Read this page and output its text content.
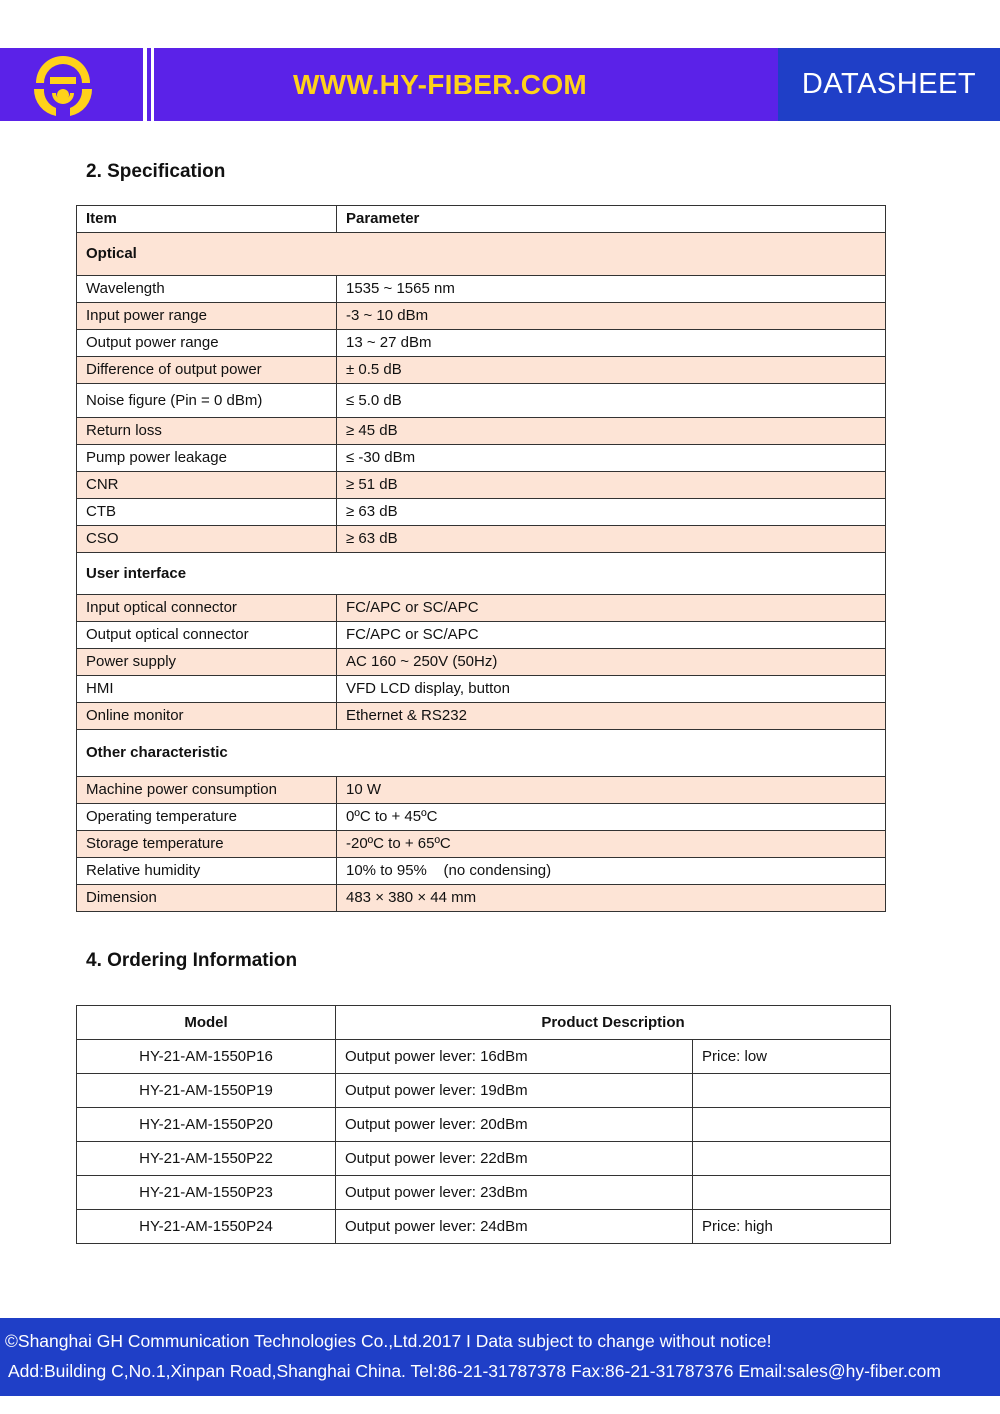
WWW.HY-FIBER.COM	DATASHEET
2. Specification
Item	Parameter
Optical	
Wavelength	1535 ~ 1565 nm
Input power range	-3 ~ 10 dBm
Output power range	13 ~ 27 dBm
Difference of output power	± 0.5 dB
Noise figure (Pin = 0 dBm)	≤ 5.0 dB
Return loss	≥ 45 dB
Pump power leakage	≤ -30 dBm
CNR	≥ 51 dB
CTB	≥ 63 dB
CSO	≥ 63 dB
User interface	
Input optical connector	FC/APC or SC/APC
Output optical connector	FC/APC or SC/APC
Power supply	AC 160 ~ 250V (50Hz)
HMI	VFD LCD display, button
Online monitor	Ethernet & RS232
Other characteristic	
Machine power consumption	10 W
Operating temperature	0ºC to + 45ºC
Storage temperature	-20ºC to + 65ºC
Relative humidity	10% to 95%    (no condensing)
Dimension	483 × 380 × 44 mm
4. Ordering Information
Model	Product Description	
HY-21-AM-1550P16	Output power lever: 16dBm	Price: low
HY-21-AM-1550P19	Output power lever: 19dBm	
HY-21-AM-1550P20	Output power lever: 20dBm	
HY-21-AM-1550P22	Output power lever: 22dBm	
HY-21-AM-1550P23	Output power lever: 23dBm	
HY-21-AM-1550P24	Output power lever: 24dBm	Price: high
©Shanghai GH Communication Technologies Co.,Ltd.2017 I Data subject to change without notice!
Add:Building C,No.1,Xinpan Road,Shanghai China. Tel:86-21-31787378 Fax:86-21-31787376 Email:sales@hy-fiber.com
